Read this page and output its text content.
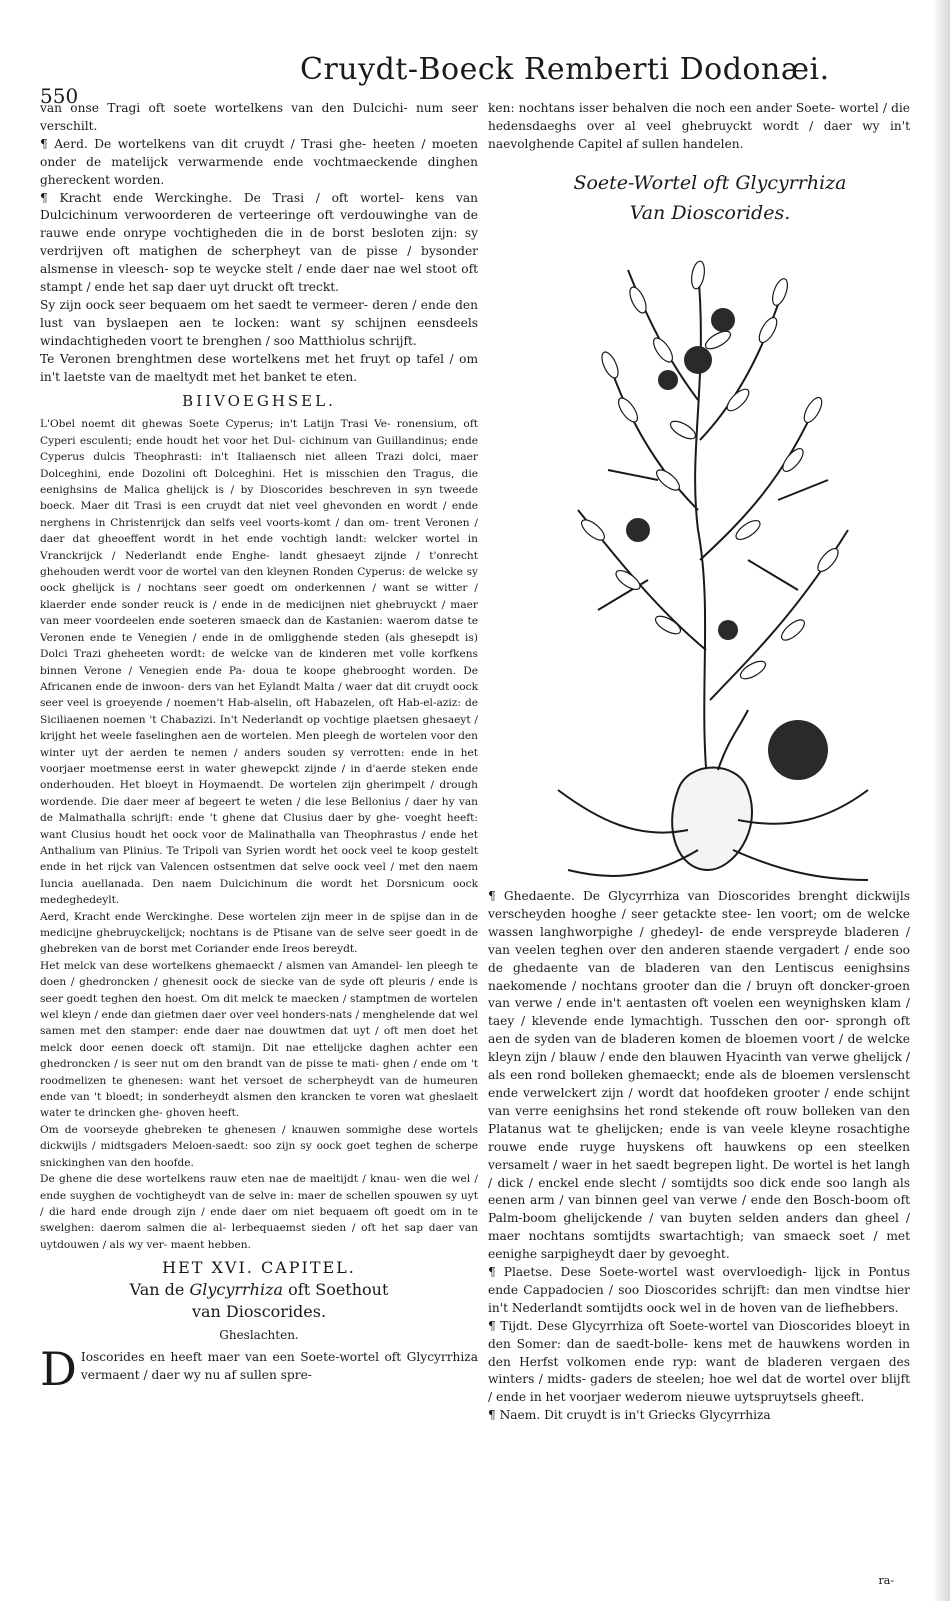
Cruydt-Boeck Remberti Dodonæi.
550

van onse Tragi oft soete wortelkens van den Dulcichi- num seer verschilt.

¶ Aerd. De wortelkens van dit cruydt / Trasi ghe- heeten / moeten onder de matelijck verwarmende ende vochtmaeckende dinghen ghereckent worden.

¶ Kracht ende Werckinghe. De Trasi / oft wortel- kens van Dulcichinum verwoorderen de verteeringe oft verdouwinghe van de rauwe ende onrype vochtigheden die in de borst besloten zijn: sy verdrijven oft matighen de scherpheyt van de pisse / bysonder alsmense in vleesch- sop te weycke stelt / ende daer nae wel stoot oft stampt / ende het sap daer uyt druckt oft treckt.

Sy zijn oock seer bequaem om het saedt te vermeer- deren / ende den lust van byslaepen aen te locken: want sy schijnen eensdeels windachtigheden voort te brenghen / soo Matthiolus schrijft.

Te Veronen brenghtmen dese wortelkens met het fruyt op tafel / om in't laetste van de maeltydt met het banket te eten.

BIIVOEGHSEL.

L'Obel noemt dit ghewas Soete Cyperus; in't Latijn Trasi Ve- ronensium, oft Cyperi esculenti; ende houdt het voor het Dul- cichinum van Guillandinus; ende Cyperus dulcis Theophrasti: in't Italiaensch niet alleen Trazi dolci, maer Dolceghini, ende Dozolini oft Dolceghini. Het is misschien den Tragus, die eenighsins de Malica ghelijck is / by Dioscorides beschreven in syn tweede boeck. Maer dit Trasi is een cruydt dat niet veel ghevonden en wordt / ende nerghens in Christenrijck dan selfs veel voorts-komt / dan om- trent Veronen / daer dat gheoeffent wordt in het ende vochtigh landt: welcker wortel in Vranckrijck / Nederlandt ende Enghe- landt ghesaeyt zijnde / t'onrecht ghehouden werdt voor de wortel van den kleynen Ronden Cyperus: de welcke sy oock ghelijck is / nochtans seer goedt om onderkennen / want se witter / klaerder ende sonder reuck is / ende in de medicijnen niet ghebruyckt / maer van meer voordeelen ende soeteren smaeck dan de Kastanien: waerom datse te Veronen ende te Venegien / ende in de omligghende steden (als ghesepdt is) Dolci Trazi gheheeten wordt: de welcke van de kinderen met volle korfkens binnen Verone / Venegien ende Pa- doua te koope ghebrooght worden. De Africanen ende de inwoon- ders van het Eylandt Malta / waer dat dit cruydt oock seer veel is groeyende / noemen't Hab-alselin, oft Habazelen, oft Hab-el-aziz: de Siciliaenen noemen 't Chabazizi. In't Nederlandt op vochtige plaetsen ghesaeyt / krijght het weele faselinghen aen de wortelen. Men pleegh de wortelen voor den winter uyt der aerden te nemen / anders souden sy verrotten: ende in het voorjaer moetmense eerst in water ghewepckt zijnde / in d'aerde steken ende onderhouden. Het bloeyt in Hoymaendt. De wortelen zijn gherimpelt / drough wordende. Die daer meer af begeert te weten / die lese Bellonius / daer hy van de Malmathalla schrijft: ende 't ghene dat Clusius daer by ghe- voeght heeft: want Clusius houdt het oock voor de Malinathalla van Theophrastus / ende het Anthalium van Plinius. Te Tripoli van Syrien wordt het oock veel te koop gestelt ende in het rijck van Valencen ostsentmen dat selve oock veel / met den naem Iuncia auellanada. Den naem Dulcichinum die wordt het Dorsnicum oock medeghedeylt.

Aerd, Kracht ende Werckinghe. Dese wortelen zijn meer in de spijse dan in de medicijne ghebruyckelijck; nochtans is de Ptisane van de selve seer goedt in de ghebreken van de borst met Coriander ende Ireos bereydt.

Het melck van dese wortelkens ghemaeckt / alsmen van Amandel- len pleegh te doen / ghedroncken / ghenesit oock de siecke van de syde oft pleuris / ende is seer goedt teghen den hoest. Om dit melck te maecken / stamptmen de wortelen wel kleyn / ende dan gietmen daer over veel honders-nats / menghelende dat wel samen met den stamper: ende daer nae douwtmen dat uyt / oft men doet het melck door eenen doeck oft stamijn. Dit nae ettelijcke daghen achter een ghedroncken / is seer nut om den brandt van de pisse te mati- ghen / ende om 't roodmelizen te ghenesen: want het versoet de scherpheydt van de humeuren ende van 't bloedt; in sonderheydt alsmen den krancken te voren wat gheslaelt water te drincken ghe- ghoven heeft.

Om de voorseyde ghebreken te ghenesen / knauwen sommighe dese wortels dickwijls / midtsgaders Meloen-saedt: soo zijn sy oock goet teghen de scherpe snickinghen van den hoofde.

De ghene die dese wortelkens rauw eten nae de maeltijdt / knau- wen die wel / ende suyghen de vochtigheydt van de selve in: maer de schellen spouwen sy uyt / die hard ende drough zijn / ende daer om niet bequaem oft goedt om in te swelghen: daerom salmen die al- lerbequaemst sieden / oft het sap daer van uytdouwen / als wy ver- maent hebben.

HET XVI. CAPITEL.

Van de Glycyrrhiza oft Soethout

van Dioscorides.

Gheslachten.

D Ioscorides en heeft maer van een Soete-wortel oft Glycyrrhiza vermaent / daer wy nu af sullen spre-

ken: nochtans isser behalven die noch een ander Soete- wortel / die hedensdaeghs over al veel ghebruyckt wordt / daer wy in't naevolghende Capitel af sullen handelen.

Soete-Wortel oft Glycyrrhiza
Van Dioscorides.

¶ Ghedaente. De Glycyrrhiza van Dioscorides brenght dickwijls verscheyden hooghe / seer getackte stee- len voort; om de welcke wassen langhworpighe / ghedeyl- de ende verspreyde bladeren / van veelen teghen over den anderen staende vergadert / ende soo de ghedaente van de bladeren van den Lentiscus eenighsins naekomende / nochtans grooter dan die / bruyn oft doncker-groen van verwe / ende in't aentasten oft voelen een weynighsken klam / taey / klevende ende lymachtigh. Tusschen den oor- sprongh oft aen de syden van de bladeren komen de bloemen voort / de welcke kleyn zijn / blauw / ende den blauwen Hyacinth van verwe ghelijck / als een rond bolleken ghemaeckt; ende als de bloemen verslenscht ende verwelckert zijn / wordt dat hoofdeken grooter / ende schijnt van verre eenighsins het rond stekende oft rouw bolleken van den Platanus wat te ghelijcken; ende is van veele kleyne rosachtighe rouwe ende ruyge huyskens oft hauwkens op een steelken versamelt / waer in het saedt begrepen light. De wortel is het langh / dick / enckel ende slecht / somtijdts soo dick ende soo langh als eenen arm / van binnen geel van verwe / ende den Bosch-boom oft Palm-boom ghelijckende / van buyten selden anders dan gheel / maer nochtans somtijdts swartachtigh; van smaeck soet / met eenighe sarpigheydt daer by gevoeght.

¶ Plaetse. Dese Soete-wortel wast overvloedigh- lijck in Pontus ende Cappadocien / soo Dioscorides schrijft: dan men vindtse hier in't Nederlandt somtijdts oock wel in de hoven van de liefhebbers.

¶ Tijdt. Dese Glycyrrhiza oft Soete-wortel van Dioscorides bloeyt in den Somer: dan de saedt-bolle- kens met de hauwkens worden in den Herfst volkomen ende ryp: want de bladeren vergaen des winters / midts- gaders de steelen; hoe wel dat de wortel over blijft / ende in het voorjaer wederom nieuwe uytspruytsels gheeft.

¶ Naem. Dit cruydt is in't Griecks Glycyrrhiza

ra-
